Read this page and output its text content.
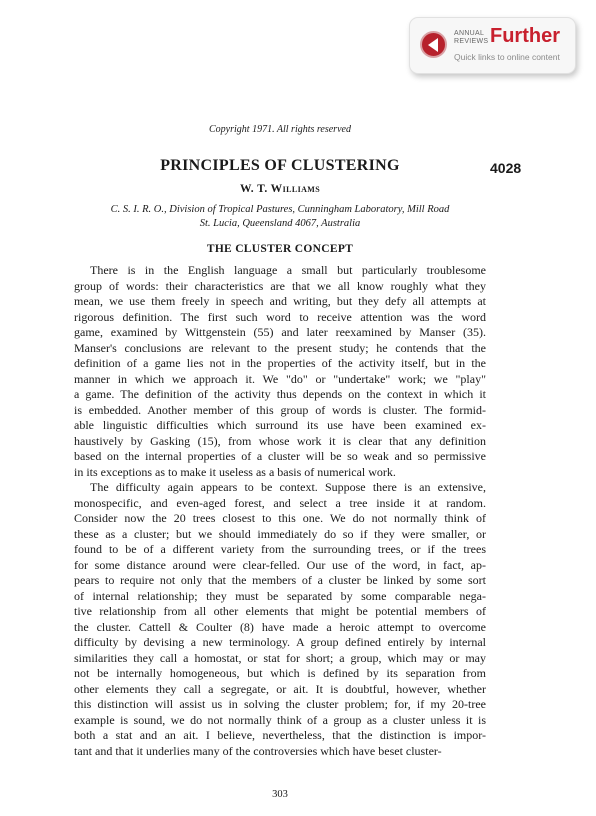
ANNUAL
REVIEWS Further
Quick links to online content
Copyright 1971. All rights reserved
PRINCIPLES OF CLUSTERING	4028
W. T. Williams
C. S. I. R. O., Division of Tropical Pastures, Cunningham Laboratory, Mill Road
St. Lucia, Queensland 4067, Australia
THE CLUSTER CONCEPT
There is in the English language a small but particularly troublesome
group of words: their characteristics are that we all know roughly what they
mean, we use them freely in speech and writing, but they defy all attempts at
rigorous definition. The first such word to receive attention was the word
game, examined by Wittgenstein (55) and later reexamined by Manser (35).
Manser's conclusions are relevant to the present study; he contends that the
definition of a game lies not in the properties of the activity itself, but in the
manner in which we approach it. We "do" or "undertake" work; we "play"
a game. The definition of the activity thus depends on the context in which it
is embedded. Another member of this group of words is cluster. The formid-
able linguistic difficulties which surround its use have been examined ex-
haustively by Gasking (15), from whose work it is clear that any definition
based on the internal properties of a cluster will be so weak and so permissive
in its exceptions as to make it useless as a basis of numerical work.
The difficulty again appears to be context. Suppose there is an extensive,
monospecific, and even-aged forest, and select a tree inside it at random.
Consider now the 20 trees closest to this one. We do not normally think of
these as a cluster; but we should immediately do so if they were smaller, or
found to be of a different variety from the surrounding trees, or if the trees
for some distance around were clear-felled. Our use of the word, in fact, ap-
pears to require not only that the members of a cluster be linked by some sort
of internal relationship; they must be separated by some comparable nega-
tive relationship from all other elements that might be potential members of
the cluster. Cattell & Coulter (8) have made a heroic attempt to overcome
difficulty by devising a new terminology. A group defined entirely by internal
similarities they call a homostat, or stat for short; a group, which may or may
not be internally homogeneous, but which is defined by its separation from
other elements they call a segregate, or ait. It is doubtful, however, whether
this distinction will assist us in solving the cluster problem; for, if my 20-tree
example is sound, we do not normally think of a group as a cluster unless it is
both a stat and an ait. I believe, nevertheless, that the distinction is impor-
tant and that it underlies many of the controversies which have beset cluster-
303
